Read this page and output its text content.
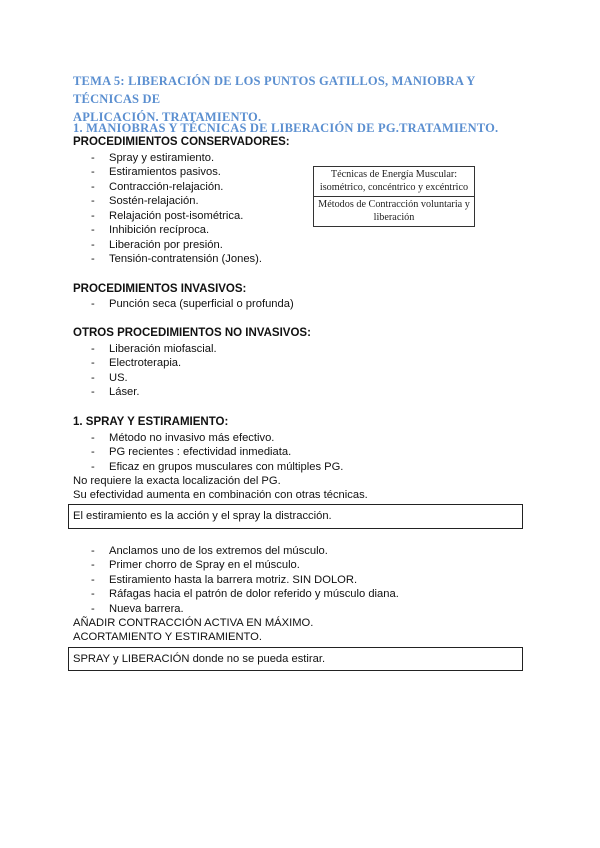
TEMA 5: LIBERACIÓN DE LOS PUNTOS GATILLOS, MANIOBRA Y TÉCNICAS DE
APLICACIÓN. TRATAMIENTO.
1. MANIOBRAS Y TÉCNICAS DE LIBERACIÓN DE PG.TRATAMIENTO.
PROCEDIMIENTOS CONSERVADORES:
- Spray y estiramiento.
- Estiramientos pasivos.
- Contracción-relajación.
- Sostén-relajación.
- Relajación post-isométrica.
- Inhibición recíproca.
- Liberación por presión.
- Tensión-contratensión (Jones).
Técnicas de Energía Muscular: isométrico, concéntrico y excéntrico
Métodos de Contracción voluntaria y liberación
PROCEDIMIENTOS INVASIVOS:
- Punción seca (superficial o profunda)
OTROS PROCEDIMIENTOS NO INVASIVOS:
- Liberación miofascial.
- Electroterapia.
- US.
- Láser.
1. SPRAY Y ESTIRAMIENTO:
- Método no invasivo más efectivo.
- PG recientes : efectividad inmediata.
- Eficaz en grupos musculares con múltiples PG.
No requiere la exacta localización del PG.
Su efectividad aumenta en combinación con otras técnicas.
El estiramiento es la acción y el spray la distracción.
- Anclamos uno de los extremos del músculo.
- Primer chorro de Spray en el músculo.
- Estiramiento hasta la barrera motriz. SIN DOLOR.
- Ráfagas hacia el patrón de dolor referido y músculo diana.
- Nueva barrera.
AÑADIR CONTRACCIÓN ACTIVA EN MÁXIMO.
ACORTAMIENTO Y ESTIRAMIENTO.
SPRAY y LIBERACIÓN donde no se pueda estirar.
